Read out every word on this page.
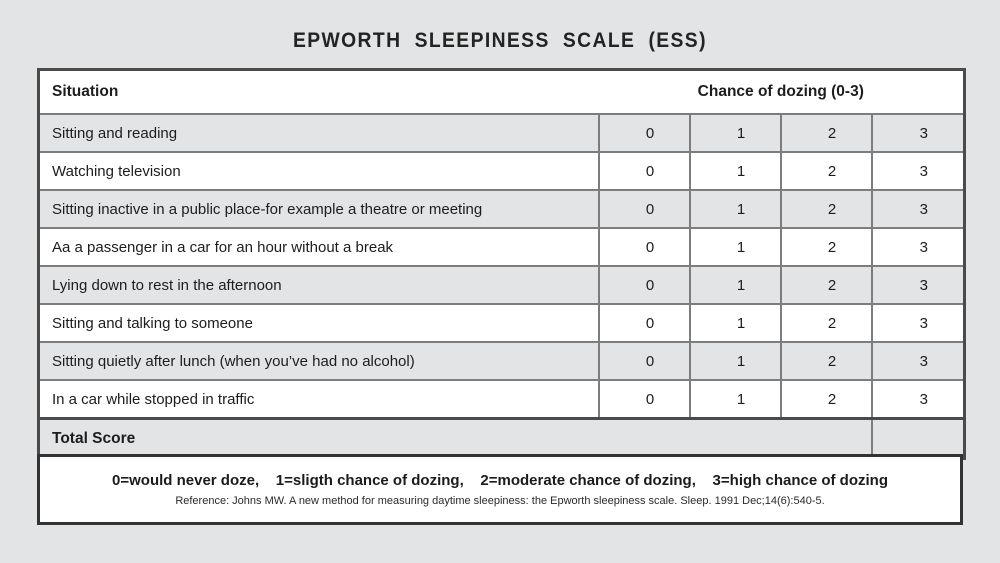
EPWORTH SLEEPINESS SCALE (ESS)
Situation	Chance of dozing (0-3)			
Sitting and reading	0	1	2	3
Watching television	0	1	2	3
Sitting inactive in a public place-for example a theatre or meeting	0	1	2	3
Aa a passenger in a car for an hour without a break	0	1	2	3
Lying down to rest in the afternoon	0	1	2	3
Sitting and talking to someone	0	1	2	3
Sitting quietly after lunch (when you’ve had no alcohol)	0	1	2	3
In a car while stopped in traffic	0	1	2	3
Total Score				
0=would never doze,    1=sligth chance of dozing,    2=moderate chance of dozing,    3=high chance of dozing
Reference: Johns MW. A new method for measuring daytime sleepiness: the Epworth sleepiness scale. Sleep. 1991 Dec;14(6):540-5.
